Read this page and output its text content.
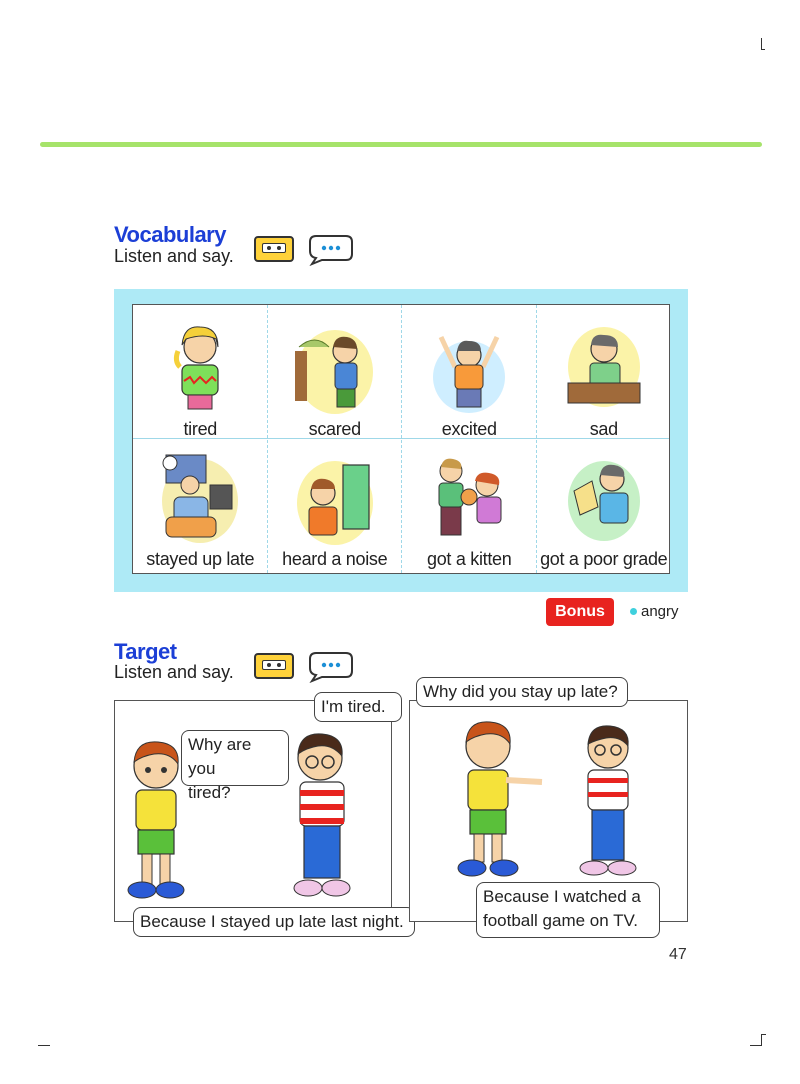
Vocabulary
Listen and say.
tired	scared	excited	sad
stayed up late	heard a noise	got a kitten	got a poor grade
Bonus	angry
Target
Listen and say.
Why are you
tired?
I'm tired.
Because I stayed up late last night.
Why did you stay up late?
Because I watched a
football game on TV.
47
